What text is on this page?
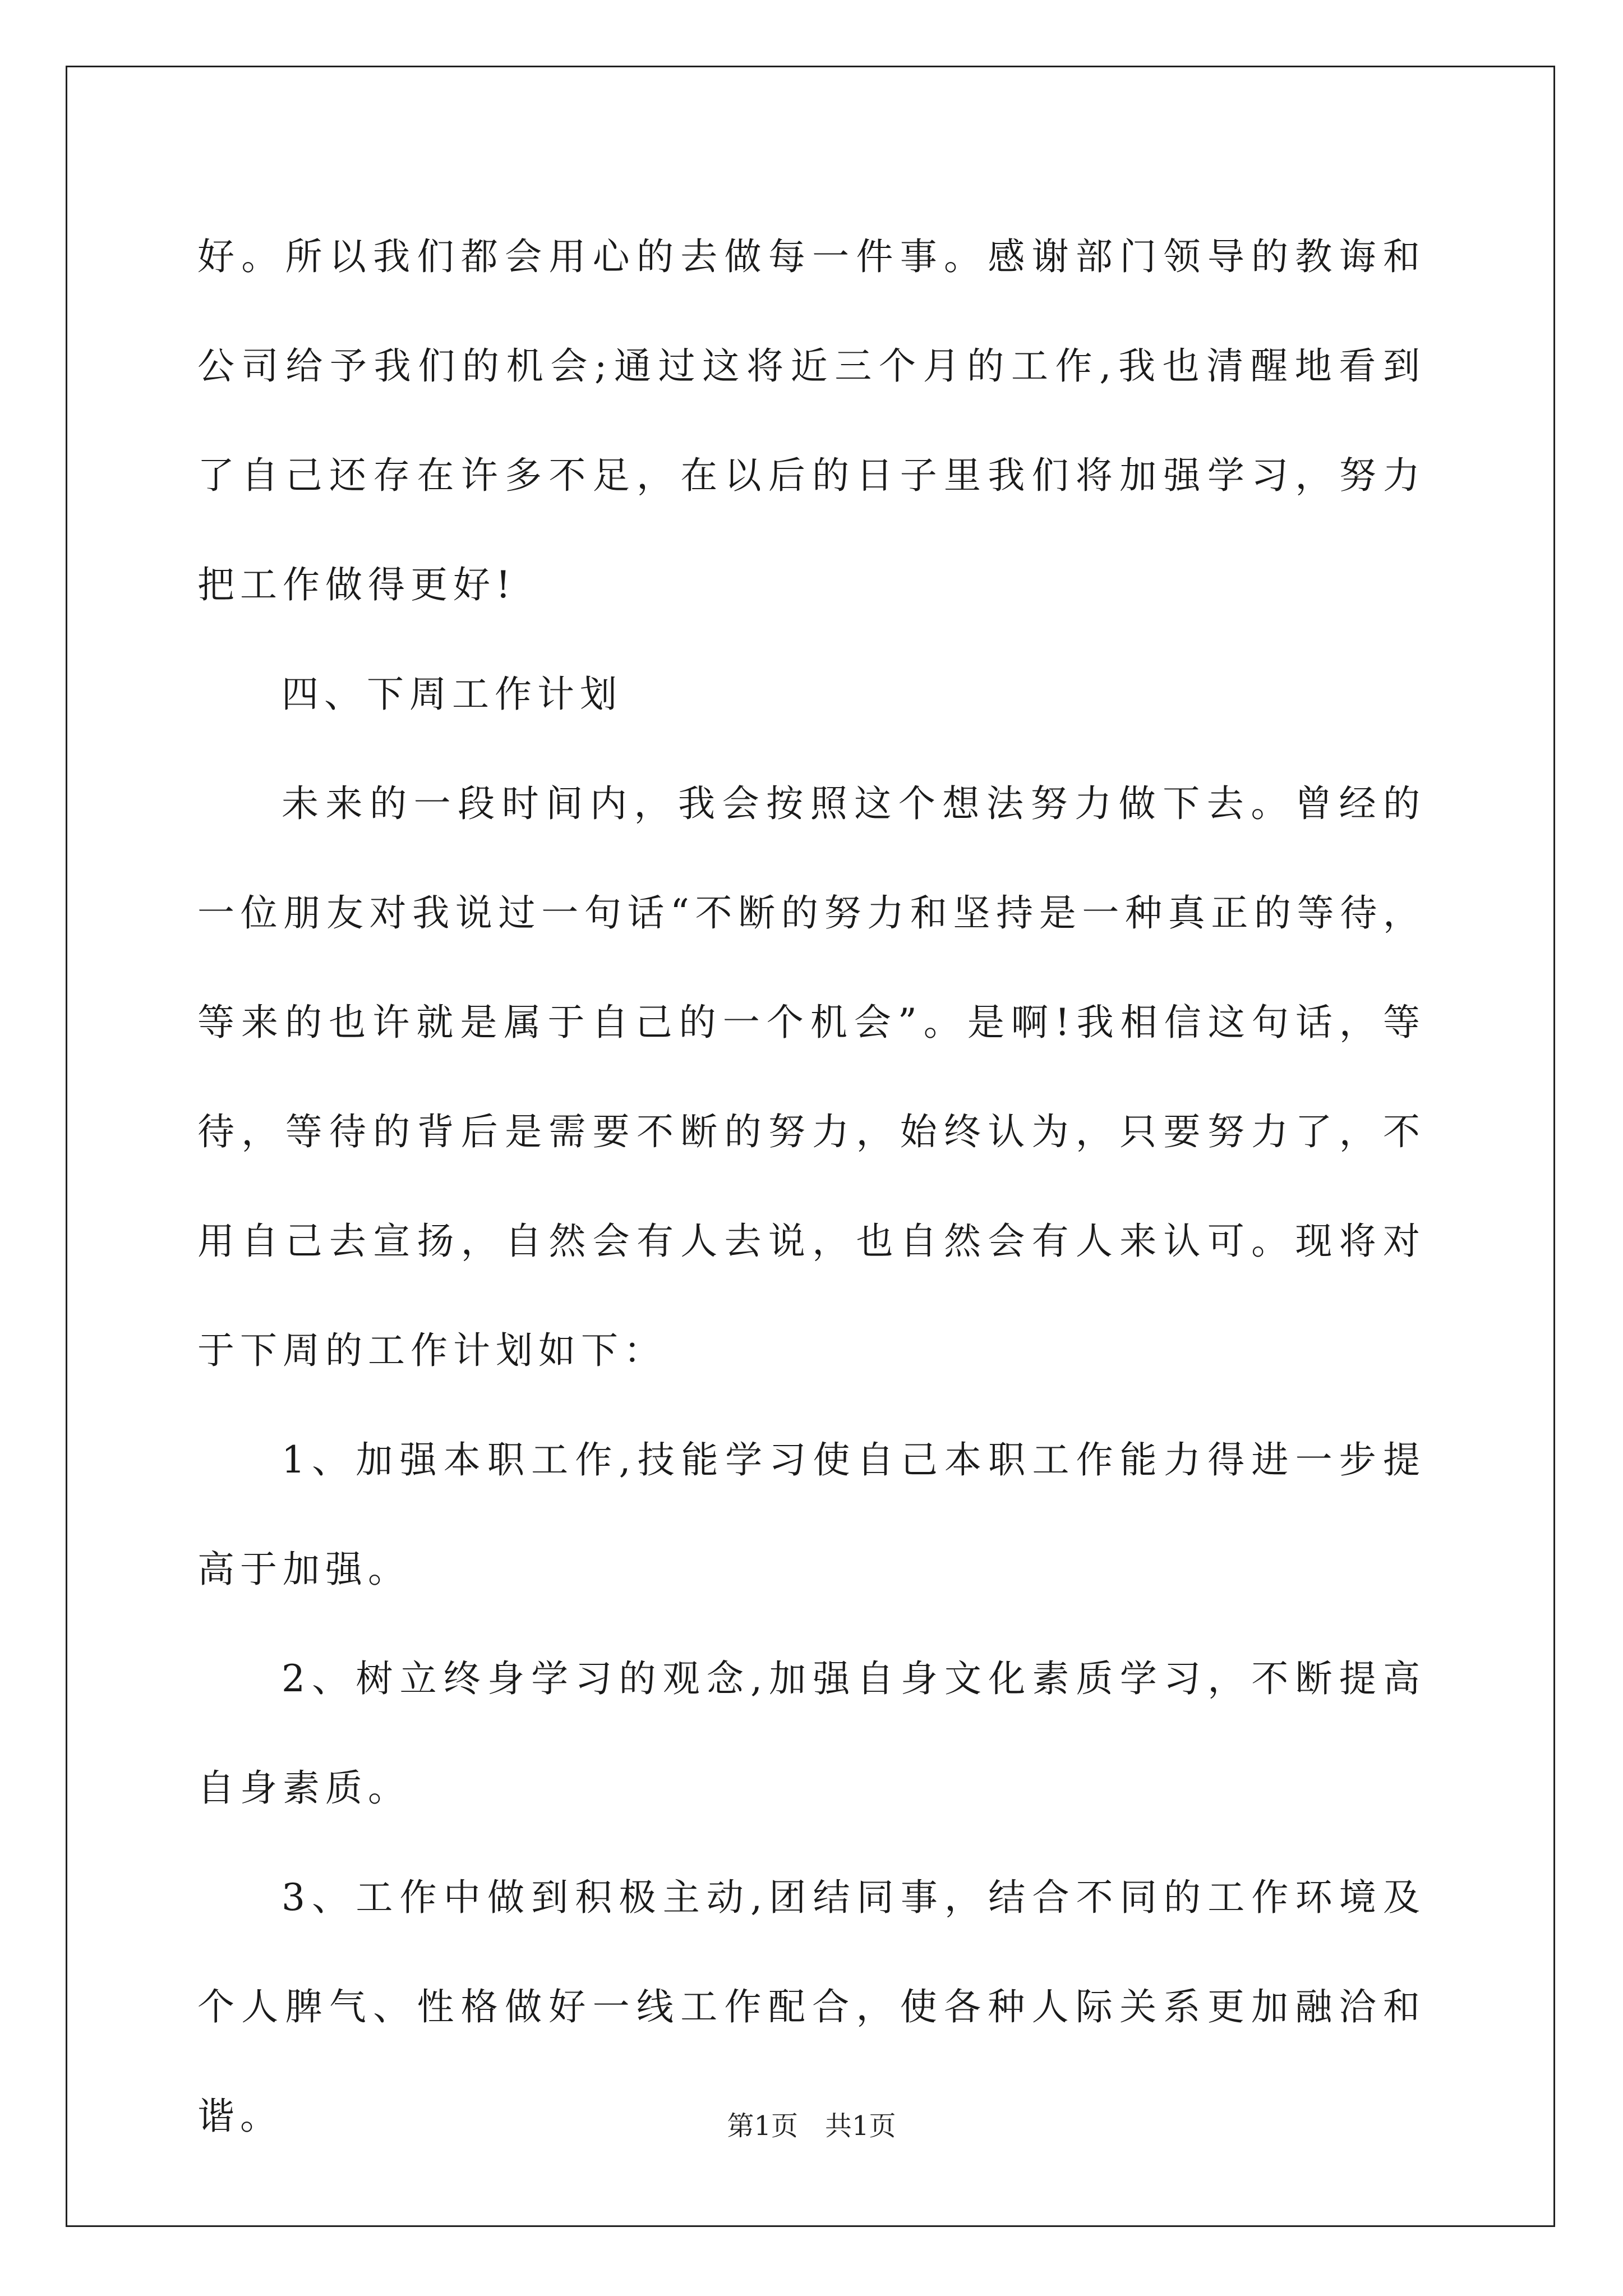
好。所以我们都会用心的去做每一件事。感谢部门领导的教诲和公司给予我们的机会;通过这将近三个月的工作,我也清醒地看到了自己还存在许多不足，在以后的日子里我们将加强学习，努力把工作做得更好!

四、下周工作计划

未来的一段时间内，我会按照这个想法努力做下去。曾经的一位朋友对我说过一句话“不断的努力和坚持是一种真正的等待，等来的也许就是属于自己的一个机会”。是啊!我相信这句话，等待，等待的背后是需要不断的努力，始终认为，只要努力了，不用自己去宣扬，自然会有人去说，也自然会有人来认可。现将对于下周的工作计划如下：

1、加强本职工作,技能学习使自己本职工作能力得进一步提高于加强。

2、树立终身学习的观念,加强自身文化素质学习，不断提高自身素质。

3、工作中做到积极主动,团结同事，结合不同的工作环境及个人脾气、性格做好一线工作配合，使各种人际关系更加融洽和谐。	第1页 共1页
